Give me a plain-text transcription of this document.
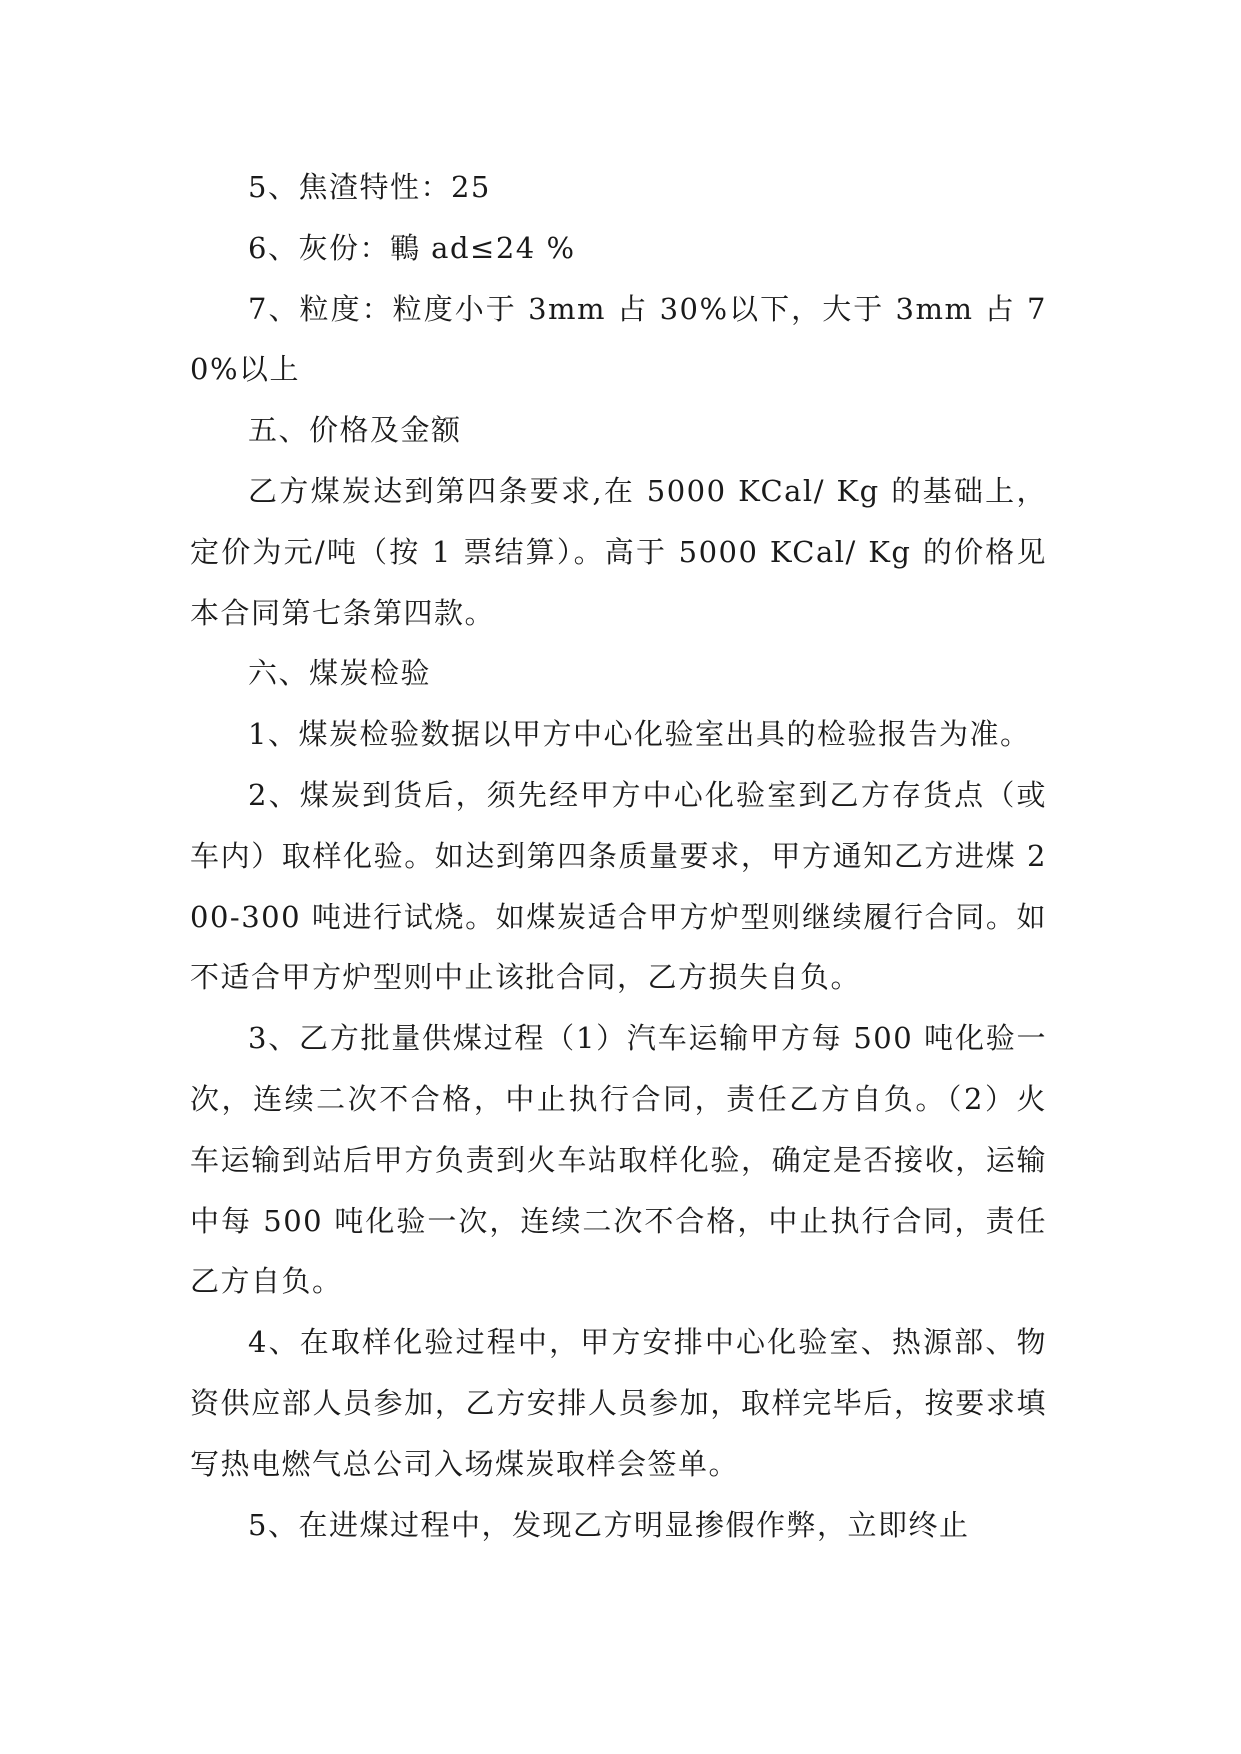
5、焦渣特性：25

6、灰份：鶤 ad≤24 %

7、粒度：粒度小于 3mm 占 30%以下，大于 3mm 占 70%以上

五、价格及金额

乙方煤炭达到第四条要求,在 5000 KCal/ Kg 的基础上，定价为元/吨（按 1 票结算）。高于 5000 KCal/ Kg 的价格见本合同第七条第四款。

六、煤炭检验

1、煤炭检验数据以甲方中心化验室出具的检验报告为准。

2、煤炭到货后，须先经甲方中心化验室到乙方存货点（或车内）取样化验。如达到第四条质量要求，甲方通知乙方进煤 200-300 吨进行试烧。如煤炭适合甲方炉型则继续履行合同。如不适合甲方炉型则中止该批合同，乙方损失自负。

3、乙方批量供煤过程（1）汽车运输甲方每 500 吨化验一次，连续二次不合格，中止执行合同，责任乙方自负。（2）火车运输到站后甲方负责到火车站取样化验，确定是否接收，运输中每 500 吨化验一次，连续二次不合格，中止执行合同，责任乙方自负。

4、在取样化验过程中，甲方安排中心化验室、热源部、物资供应部人员参加，乙方安排人员参加，取样完毕后，按要求填写热电燃气总公司入场煤炭取样会签单。

5、在进煤过程中，发现乙方明显掺假作弊，立即终止
